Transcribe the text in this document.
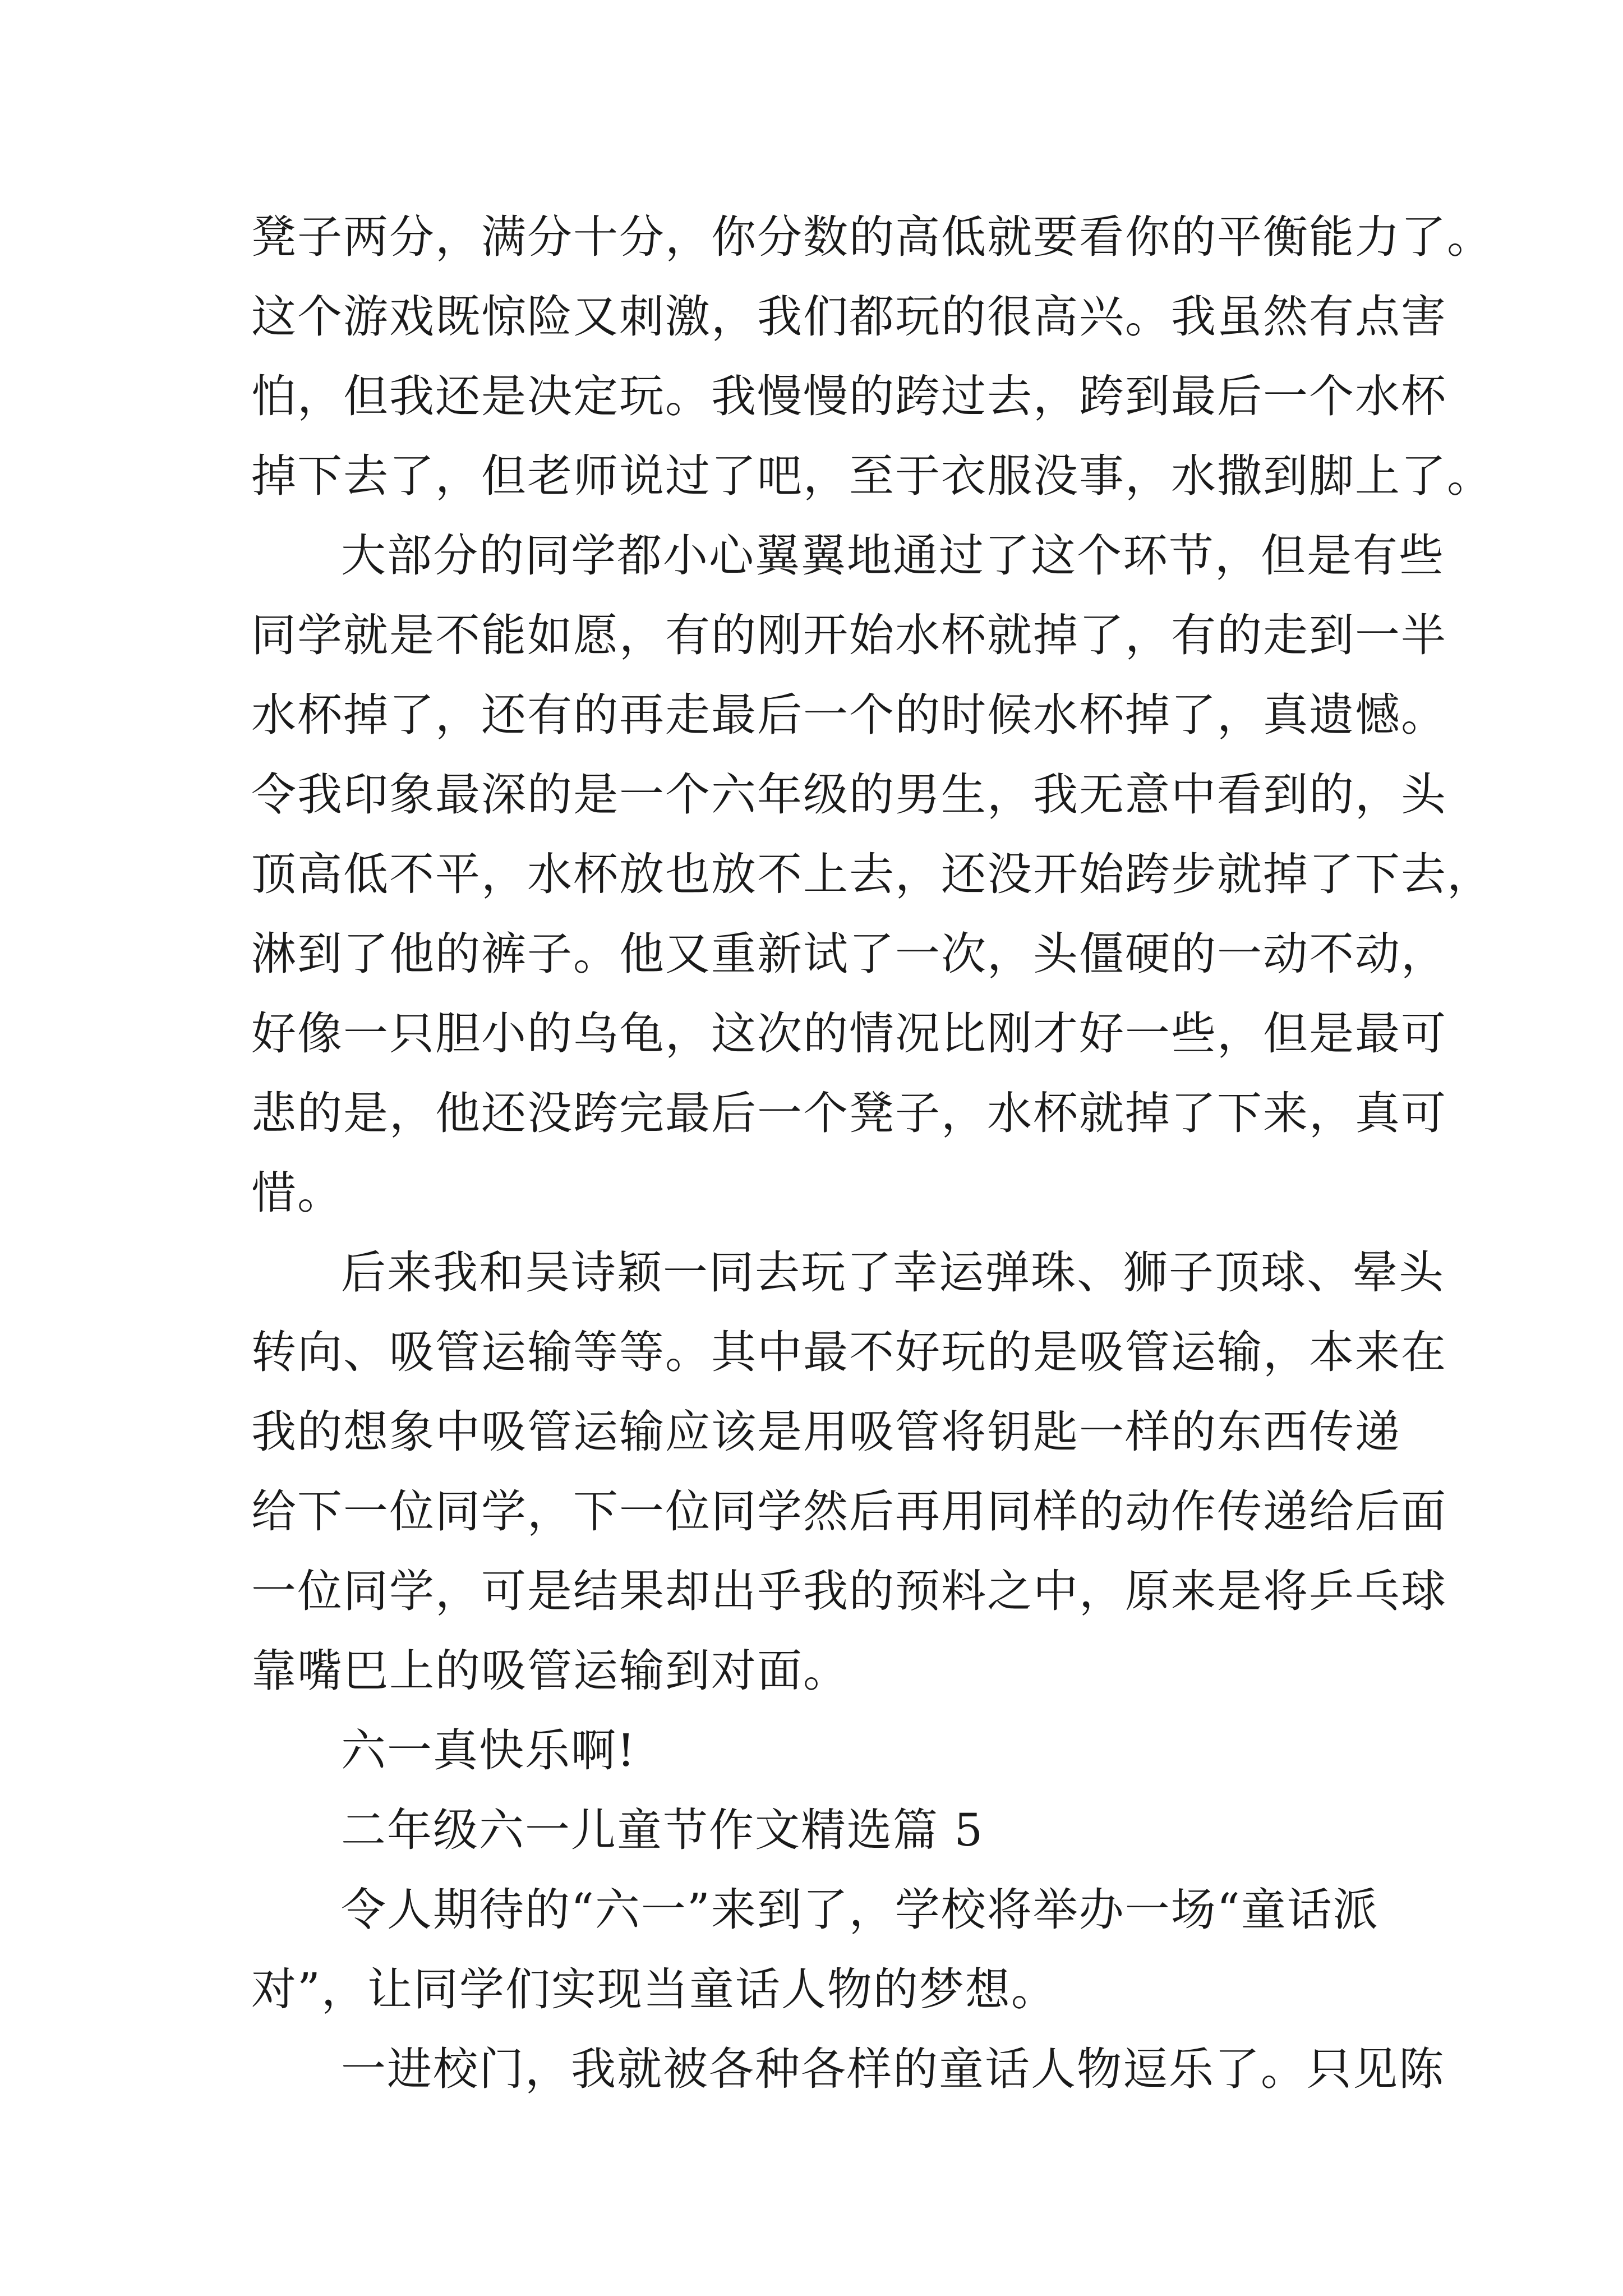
凳子两分，满分十分，你分数的高低就要看你的平衡能力了。
这个游戏既惊险又刺激，我们都玩的很高兴。我虽然有点害
怕，但我还是决定玩。我慢慢的跨过去，跨到最后一个水杯
掉下去了，但老师说过了吧，至于衣服没事，水撒到脚上了。
大部分的同学都小心翼翼地通过了这个环节，但是有些
同学就是不能如愿，有的刚开始水杯就掉了，有的走到一半
水杯掉了，还有的再走最后一个的时候水杯掉了，真遗憾。
令我印象最深的是一个六年级的男生，我无意中看到的，头
顶高低不平，水杯放也放不上去，还没开始跨步就掉了下去，
淋到了他的裤子。他又重新试了一次，头僵硬的一动不动，
好像一只胆小的乌龟，这次的情况比刚才好一些，但是最可
悲的是，他还没跨完最后一个凳子，水杯就掉了下来，真可
惜。
后来我和吴诗颖一同去玩了幸运弹珠、狮子顶球、晕头
转向、吸管运输等等。其中最不好玩的是吸管运输，本来在
我的想象中吸管运输应该是用吸管将钥匙一样的东西传递
给下一位同学，下一位同学然后再用同样的动作传递给后面
一位同学，可是结果却出乎我的预料之中，原来是将乒乓球
靠嘴巴上的吸管运输到对面。
六一真快乐啊!
二年级六一儿童节作文精选篇 5
令人期待的“六一”来到了，学校将举办一场“童话派
对”，让同学们实现当童话人物的梦想。
一进校门，我就被各种各样的童话人物逗乐了。只见陈
